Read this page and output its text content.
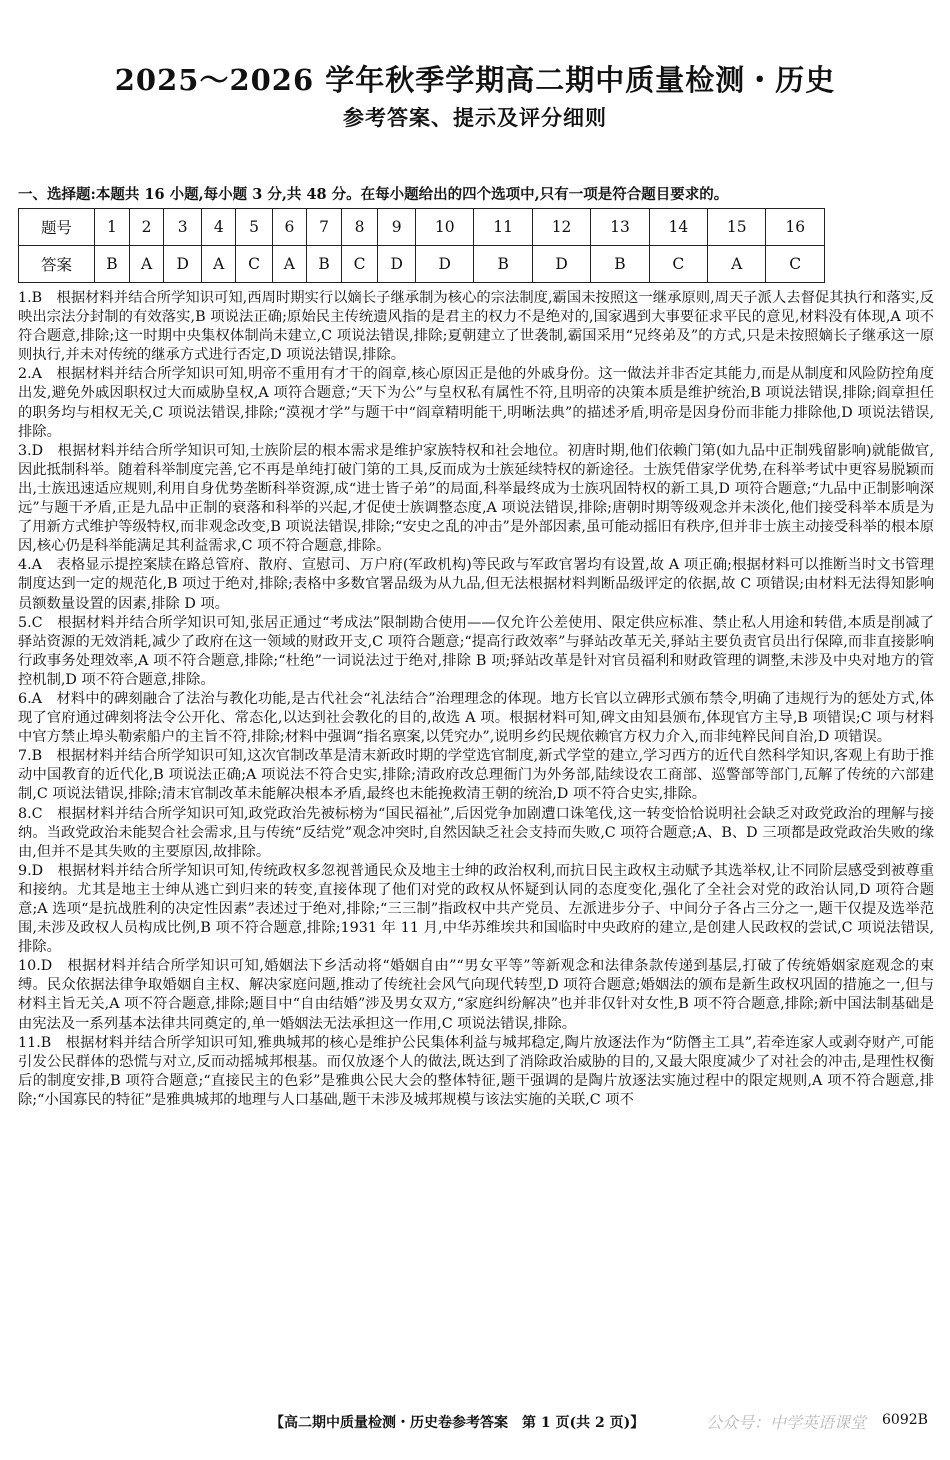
2025～2026 学年秋季学期高二期中质量检测・历史
参考答案、提示及评分细则
一、选择题:本题共 16 小题,每小题 3 分,共 48 分。在每小题给出的四个选项中,只有一项是符合题目要求的。
题号	1	2	3	4	5	6	7	8	9	10	11	12	13	14	15	16
答案	B	A	D	A	C	A	B	C	D	D	B	D	B	C	A	C

1.B　 根据材料并结合所学知识可知,西周时期实行以嫡长子继承制为核心的宗法制度,霸国未按照这一继承原则,周天子派人去督促其执行和落实,反映出宗法分封制的有效落实,B 项说法正确;原始民主传统遗风指的是君主的权力不是绝对的,国家遇到大事要征求平民的意见,材料没有体现,A 项不符合题意,排除;这一时期中央集权体制尚未建立,C 项说法错误,排除;夏朝建立了世袭制,霸国采用“兄终弟及”的方式,只是未按照嫡长子继承这一原则执行,并未对传统的继承方式进行否定,D 项说法错误,排除。

2.A　 根据材料并结合所学知识可知,明帝不重用有才干的阎章,核心原因正是他的外戚身份。这一做法并非否定其能力,而是从制度和风险防控角度出发,避免外戚因职权过大而威胁皇权,A 项符合题意;“天下为公”与皇权私有属性不符,且明帝的决策本质是维护统治,B 项说法错误,排除;阎章担任的职务均与相权无关,C 项说法错误,排除;“漠视才学”与题干中“阎章精明能干,明晰法典”的描述矛盾,明帝是因身份而非能力排除他,D 项说法错误,排除。

3.D　 根据材料并结合所学知识可知,士族阶层的根本需求是维护家族特权和社会地位。初唐时期,他们依赖门第(如九品中正制残留影响)就能做官,因此抵制科举。随着科举制度完善,它不再是单纯打破门第的工具,反而成为士族延续特权的新途径。士族凭借家学优势,在科举考试中更容易脱颖而出,士族迅速适应规则,利用自身优势垄断科举资源,成“进士皆子弟”的局面,科举最终成为士族巩固特权的新工具,D 项符合题意;“九品中正制影响深远”与题干矛盾,正是九品中正制的衰落和科举的兴起,才促使士族调整态度,A 项说法错误,排除;唐朝时期等级观念并未淡化,他们接受科举本质是为了用新方式维护等级特权,而非观念改变,B 项说法错误,排除;“安史之乱的冲击”是外部因素,虽可能动摇旧有秩序,但并非士族主动接受科举的根本原因,核心仍是科举能满足其利益需求,C 项不符合题意,排除。

4.A　 表格显示提控案牍在路总管府、散府、宣慰司、万户府(军政机构)等民政与军政官署均有设置,故 A 项正确;根据材料可以推断当时文书管理制度达到一定的规范化,B 项过于绝对,排除;表格中多数官署品级为从九品,但无法根据材料判断品级评定的依据,故 C 项错误;由材料无法得知影响员额数量设置的因素,排除 D 项。

5.C　 根据材料并结合所学知识可知,张居正通过“考成法”限制勘合使用——仅允许公差使用、限定供应标准、禁止私人用途和转借,本质是削减了驿站资源的无效消耗,减少了政府在这一领域的财政开支,C 项符合题意;“提高行政效率”与驿站改革无关,驿站主要负责官员出行保障,而非直接影响行政事务处理效率,A 项不符合题意,排除;“杜绝”一词说法过于绝对,排除 B 项;驿站改革是针对官员福利和财政管理的调整,未涉及中央对地方的管控机制,D 项不符合题意,排除。

6.A　 材料中的碑刻融合了法治与教化功能,是古代社会“礼法结合”治理理念的体现。地方长官以立碑形式颁布禁令,明确了违规行为的惩处方式,体现了官府通过碑刻将法令公开化、常态化,以达到社会教化的目的,故选 A 项。根据材料可知,碑文由知县颁布,体现官方主导,B 项错误;C 项与材料中官方禁止埠头勒索船户的主旨不符,排除;材料中强调“指名禀案,以凭究办”,说明乡约民规依赖官方权力介入,而非纯粹民间自治,D 项错误。

7.B　 根据材料并结合所学知识可知,这次官制改革是清末新政时期的学堂选官制度,新式学堂的建立,学习西方的近代自然科学知识,客观上有助于推动中国教育的近代化,B 项说法正确;A 项说法不符合史实,排除;清政府改总理衙门为外务部,陆续设农工商部、巡警部等部门,瓦解了传统的六部建制,C 项说法错误,排除;清末官制改革未能解决根本矛盾,最终也未能挽救清王朝的统治,D 项不符合史实,排除。

8.C　 根据材料并结合所学知识可知,政党政治先被标榜为“国民福祉”,后因党争加剧遭口诛笔伐,这一转变恰恰说明社会缺乏对政党政治的理解与接纳。当政党政治未能契合社会需求,且与传统“反结党”观念冲突时,自然因缺乏社会支持而失败,C 项符合题意;A、B、D 三项都是政党政治失败的缘由,但并不是其失败的主要原因,故排除。

9.D　 根据材料并结合所学知识可知,传统政权多忽视普通民众及地主士绅的政治权利,而抗日民主政权主动赋予其选举权,让不同阶层感受到被尊重和接纳。尤其是地主士绅从逃亡到归来的转变,直接体现了他们对党的政权从怀疑到认同的态度变化,强化了全社会对党的政治认同,D 项符合题意;A 选项“是抗战胜利的决定性因素”表述过于绝对,排除;“三三制”指政权中共产党员、左派进步分子、中间分子各占三分之一,题干仅提及选举范围,未涉及政权人员构成比例,B 项不符合题意,排除;1931 年 11 月,中华苏维埃共和国临时中央政府的建立,是创建人民政权的尝试,C 项说法错误,排除。

10.D　 根据材料并结合所学知识可知,婚姻法下乡活动将“婚姻自由”“男女平等”等新观念和法律条款传递到基层,打破了传统婚姻家庭观念的束缚。民众依据法律争取婚姻自主权、解决家庭问题,推动了传统社会风气向现代转型,D 项符合题意;婚姻法的颁布是新生政权巩固的措施之一,但与材料主旨无关,A 项不符合题意,排除;题目中“自由结婚”涉及男女双方,“家庭纠纷解决”也并非仅针对女性,B 项不符合题意,排除;新中国法制基础是由宪法及一系列基本法律共同奠定的,单一婚姻法无法承担这一作用,C 项说法错误,排除。

11.B　 根据材料并结合所学知识可知,雅典城邦的核心是维护公民集体利益与城邦稳定,陶片放逐法作为“防僭主工具”,若牵连家人或剥夺财产,可能引发公民群体的恐慌与对立,反而动摇城邦根基。而仅放逐个人的做法,既达到了消除政治威胁的目的,又最大限度减少了对社会的冲击,是理性权衡后的制度安排,B 项符合题意;“直接民主的色彩”是雅典公民大会的整体特征,题干强调的是陶片放逐法实施过程中的限定规则,A 项不符合题意,排除;“小国寡民的特征”是雅典城邦的地理与人口基础,题干未涉及城邦规模与该法实施的关联,C 项不

【高二期中质量检测・历史卷参考答案　第 1 页(共 2 页)】	公众号：中学英语课堂 6092B
